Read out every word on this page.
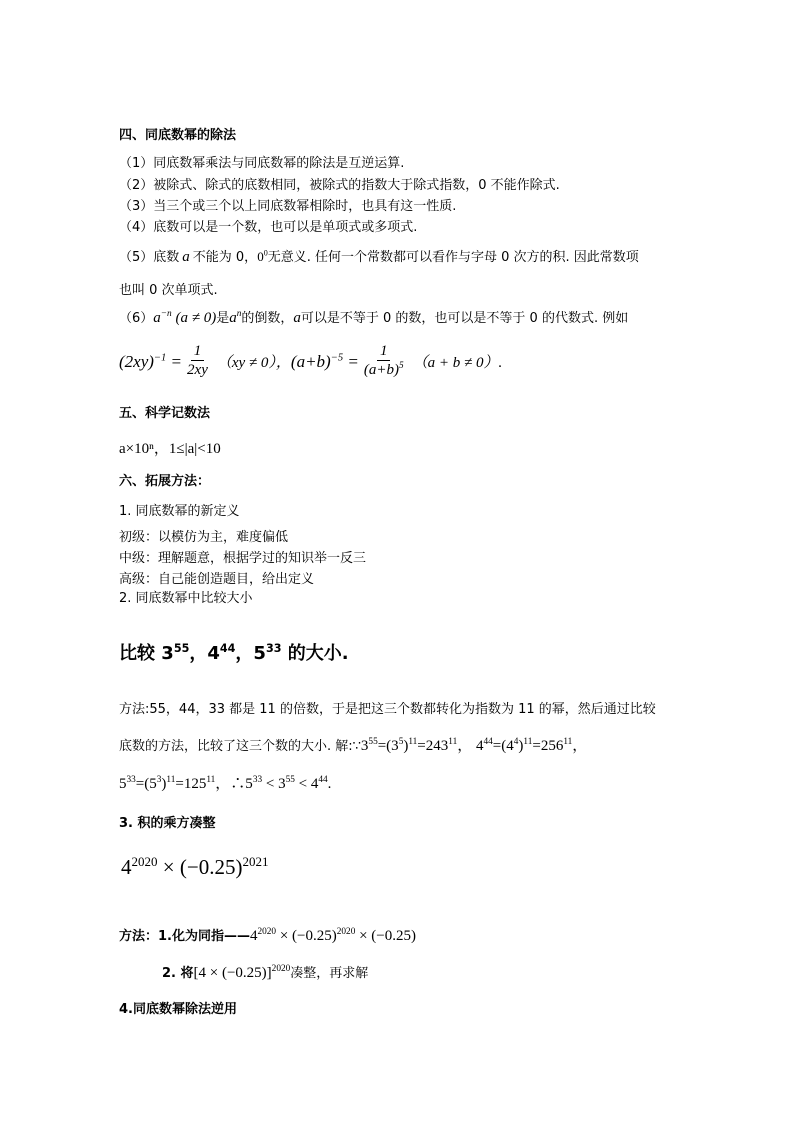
四、同底数幂的除法
（1）同底数幂乘法与同底数幂的除法是互逆运算.
（2）被除式、除式的底数相同，被除式的指数大于除式指数，0 不能作除式.
（3）当三个或三个以上同底数幂相除时，也具有这一性质.
（4）底数可以是一个数，也可以是单项式或多项式.
（5）底数 a 不能为 0，$0^0$无意义. 任何一个常数都可以看作与字母 0 次方的积. 因此常数项
也叫 0 次单项式.
$(6)a^{-n}$ (a ≠ 0)是$a^n$的倒数，a可以是不等于 0 的数，也可以是不等于 0 的代数式. 例如
$(2xy)^{-1} = \frac{1}{2xy} (xy \ne 0)$， $(a+b)^{-5} = \frac{1}{(a+b)^5} (a + b \ne 0)$.
五、科学记数法
a×10ⁿ，1≤|a|<10
六、拓展方法：
1. 同底数幂的新定义
初级：以模仿为主，难度偏低
中级：理解题意，根据学过的知识举一反三
高级：自己能创造题目，给出定义
2. 同底数幂中比较大小
比较 $3^{55}$，$4^{44}$，$5^{33}$ 的大小.
方法:55，44，33 都是 11 的倍数，于是把这三个数都转化为指数为 11 的幂，然后通过比较
底数的方法，比较了这三个数的大小. 解$:\because 3^{55}=(3^5)^{11}=243^{11}$， $4^{44}=(4^4)^{11}=256^{11}$，
$5^{33}=(5^3)^{11}=125^{11}$，$\therefore 5^{33} < 3^{55} < 4^{44}$.
3. 积的乘方凑整
$4^{2020} \times (-0.25)^{2021}$
方法：1.化为同指$——4^{2020} \times (-0.25)^{2020} \times (-0.25)$
2. 将$[4 \times (-0.25)]^{2020}$凑整，再求解
4.同底数幂除法逆用
